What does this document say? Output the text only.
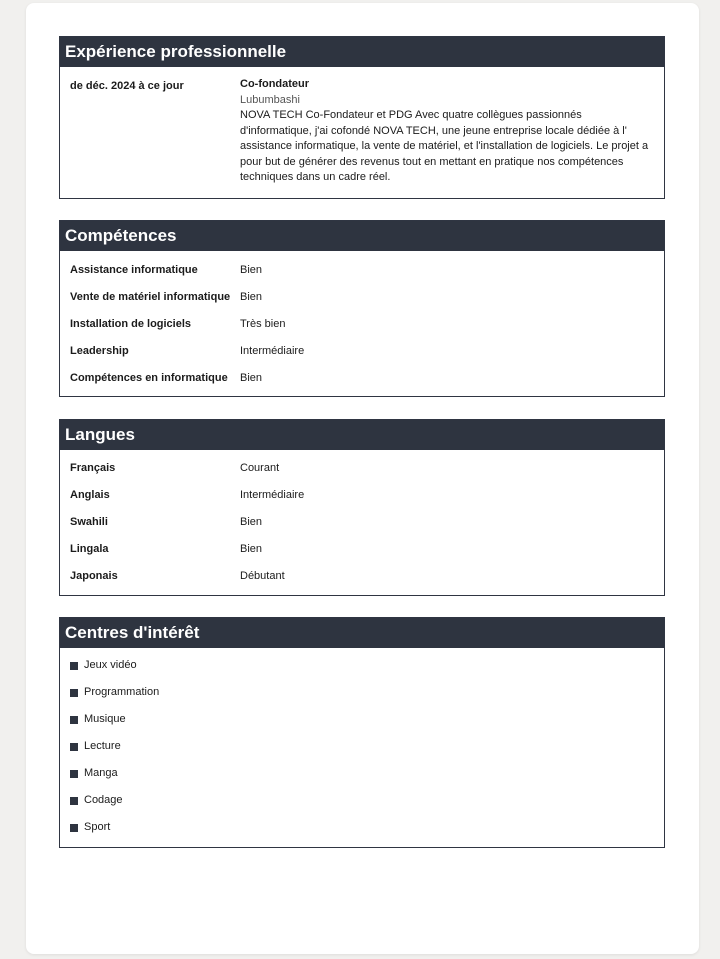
Expérience professionnelle
de déc. 2024 à ce jour	Co-fondateur
Lubumbashi
NOVA TECH Co-Fondateur et PDG Avec quatre collègues passionnés d'informatique, j'ai cofondé NOVA TECH, une jeune entreprise locale dédiée à l' assistance informatique, la vente de matériel, et l'installation de logiciels. Le projet a pour but de générer des revenus tout en mettant en pratique nos compétences techniques dans un cadre réel.
Compétences
Assistance informatique	Bien
Vente de matériel informatique Bien
Installation de logiciels	Très bien
Leadership	Intermédiaire
Compétences en informatique	Bien
Langues
Français	Courant
Anglais	Intermédiaire
Swahili	Bien
Lingala	Bien
Japonais	Débutant
Centres d'intérêt
Jeux vidéo
Programmation
Musique
Lecture
Manga
Codage
Sport
